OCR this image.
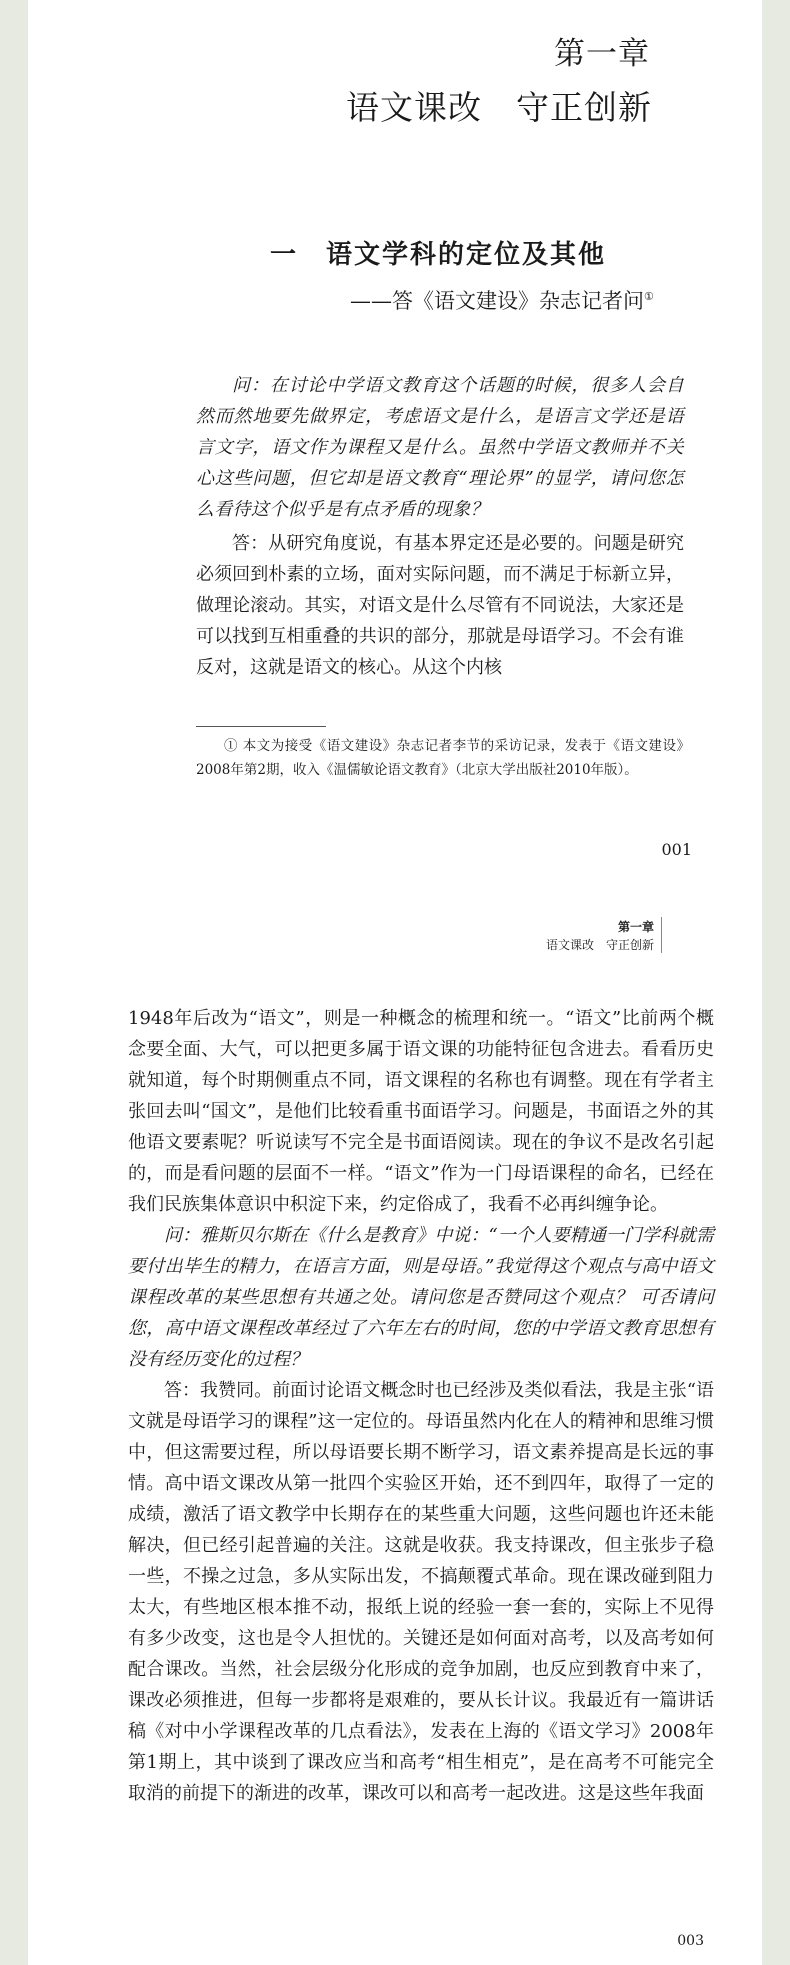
第一章
语文课改　守正创新
一　语文学科的定位及其他
——答《语文建设》杂志记者问①

问：在讨论中学语文教育这个话题的时候，很多人会自然而然地要先做界定，考虑语文是什么，是语言文学还是语言文字，语文作为课程又是什么。虽然中学语文教师并不关心这些问题，但它却是语文教育“理论界”的显学，请问您怎么看待这个似乎是有点矛盾的现象？

答：从研究角度说，有基本界定还是必要的。问题是研究必须回到朴素的立场，面对实际问题，而不满足于标新立异，做理论滚动。其实，对语文是什么尽管有不同说法，大家还是可以找到互相重叠的共识的部分，那就是母语学习。不会有谁反对，这就是语文的核心。从这个内核

① 本文为接受《语文建设》杂志记者李节的采访记录，发表于《语文建设》2008年第2期，收入《温儒敏论语文教育》（北京大学出版社2010年版）。

001
第一章
语文课改　守正创新

1948年后改为“语文”，则是一种概念的梳理和统一。“语文”比前两个概念要全面、大气，可以把更多属于语文课的功能特征包含进去。看看历史就知道，每个时期侧重点不同，语文课程的名称也有调整。现在有学者主张回去叫“国文”，是他们比较看重书面语学习。问题是，书面语之外的其他语文要素呢？听说读写不完全是书面语阅读。现在的争议不是改名引起的，而是看问题的层面不一样。“语文”作为一门母语课程的命名，已经在我们民族集体意识中积淀下来，约定俗成了，我看不必再纠缠争论。

问：雅斯贝尔斯在《什么是教育》中说：“一个人要精通一门学科就需要付出毕生的精力，在语言方面，则是母语。”我觉得这个观点与高中语文课程改革的某些思想有共通之处。请问您是否赞同这个观点？ 可否请问您，高中语文课程改革经过了六年左右的时间，您的中学语文教育思想有没有经历变化的过程？

答：我赞同。前面讨论语文概念时也已经涉及类似看法，我是主张“语文就是母语学习的课程”这一定位的。母语虽然内化在人的精神和思维习惯中，但这需要过程，所以母语要长期不断学习，语文素养提高是长远的事情。高中语文课改从第一批四个实验区开始，还不到四年，取得了一定的成绩，激活了语文教学中长期存在的某些重大问题，这些问题也许还未能解决，但已经引起普遍的关注。这就是收获。我支持课改，但主张步子稳一些，不操之过急，多从实际出发，不搞颠覆式革命。现在课改碰到阻力太大，有些地区根本推不动，报纸上说的经验一套一套的，实际上不见得有多少改变，这也是令人担忧的。关键还是如何面对高考，以及高考如何配合课改。当然，社会层级分化形成的竞争加剧，也反应到教育中来了，课改必须推进，但每一步都将是艰难的，要从长计议。我最近有一篇讲话稿《对中小学课程改革的几点看法》，发表在上海的《语文学习》2008年第1期上，其中谈到了课改应当和高考“相生相克”，是在高考不可能完全取消的前提下的渐进的改革，课改可以和高考一起改进。这是这些年我面

003
